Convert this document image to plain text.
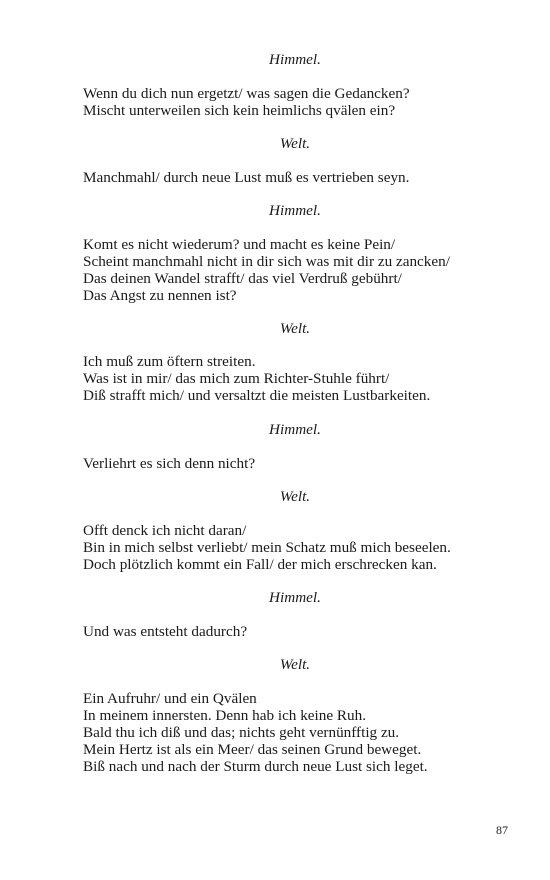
Himmel.
Wenn du dich nun ergetzt/ was sagen die Gedancken?
Mischt unterweilen sich kein heimlichs qvälen ein?
Welt.
Manchmahl/ durch neue Lust muß es vertrieben seyn.
Himmel.
Komt es nicht wiederum? und macht es keine Pein/
Scheint manchmahl nicht in dir sich was mit dir zu zancken/
Das deinen Wandel strafft/ das viel Verdruß gebührt/
Das Angst zu nennen ist?
Welt.
Ich muß zum öftern streiten.
Was ist in mir/ das mich zum Richter-Stuhle führt/
Diß strafft mich/ und versaltzt die meisten Lustbarkeiten.
Himmel.
Verliehrt es sich denn nicht?
Welt.
Offt denck ich nicht daran/
Bin in mich selbst verliebt/ mein Schatz muß mich beseelen.
Doch plötzlich kommt ein Fall/ der mich erschrecken kan.
Himmel.
Und was entsteht dadurch?
Welt.
Ein Aufruhr/ und ein Qvälen
In meinem innersten. Denn hab ich keine Ruh.
Bald thu ich diß und das; nichts geht vernünfftig zu.
Mein Hertz ist als ein Meer/ das seinen Grund beweget.
Biß nach und nach der Sturm durch neue Lust sich leget.
87
